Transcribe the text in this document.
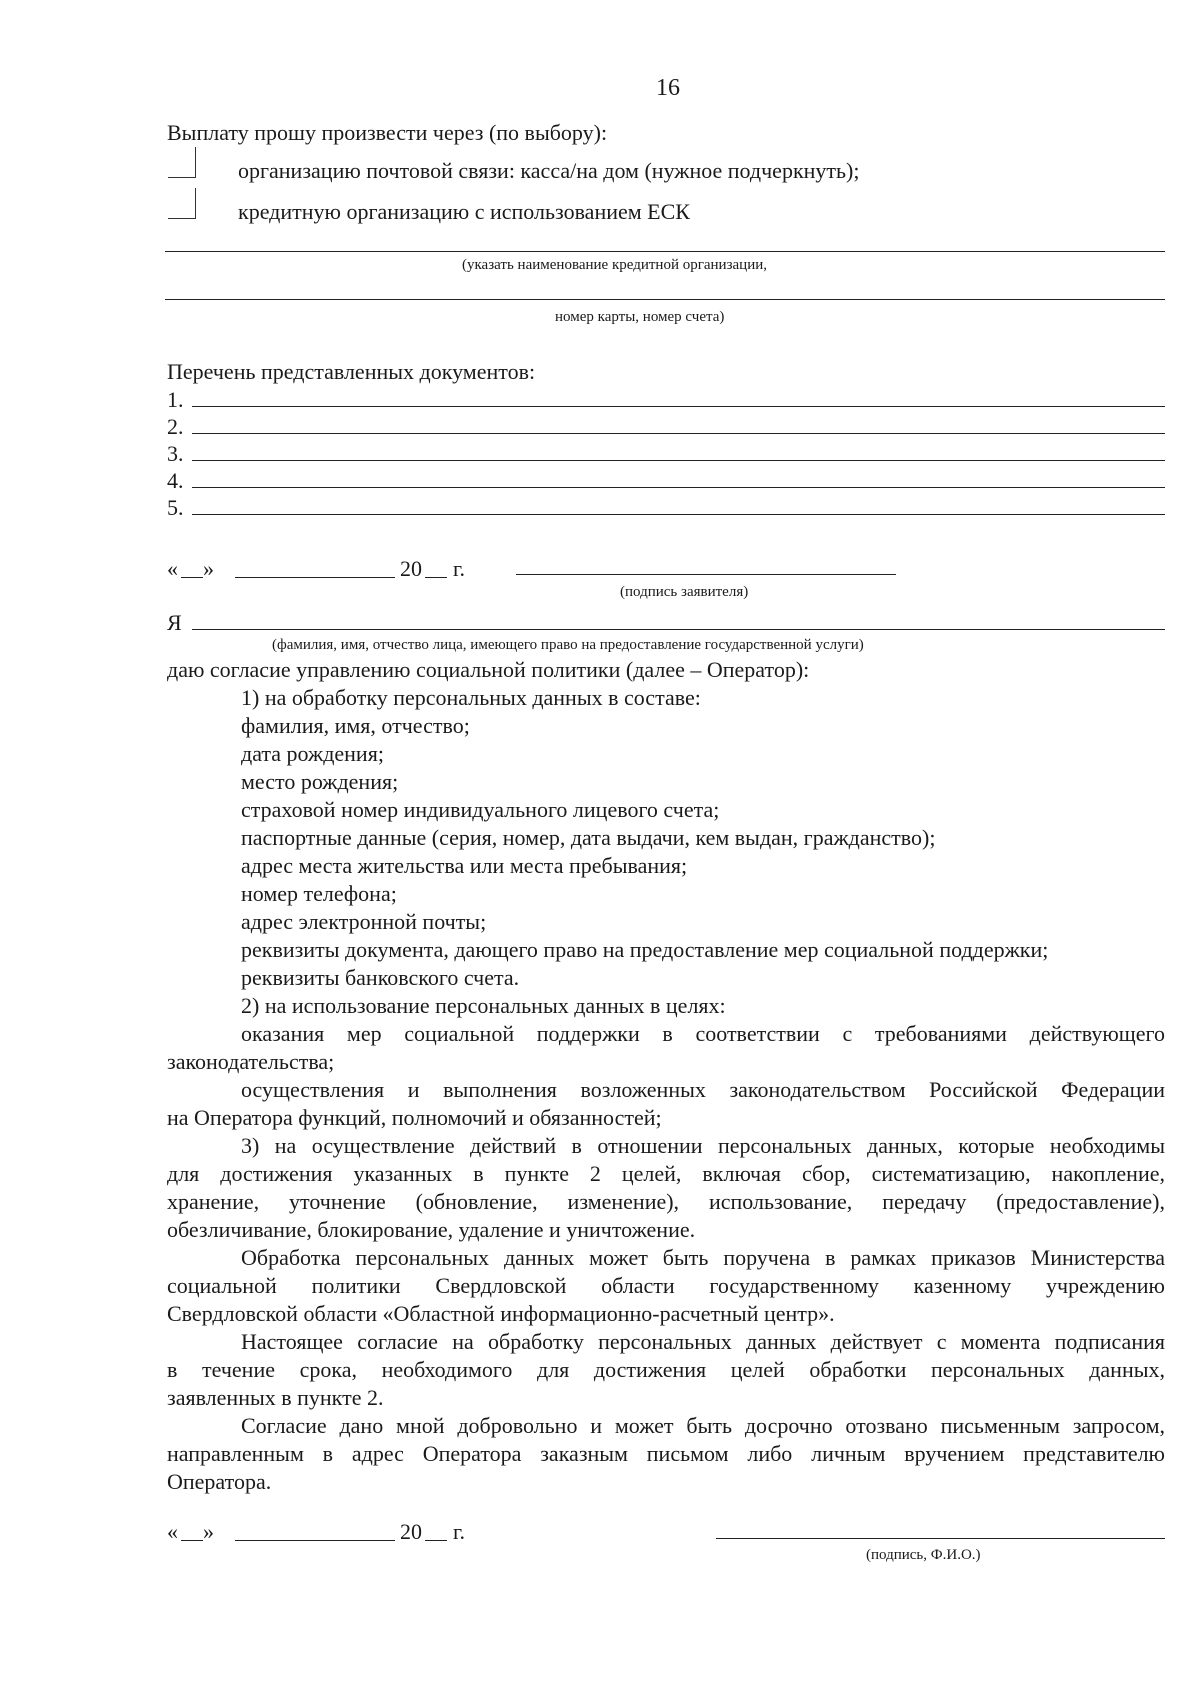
16
Выплату прошу произвести через (по выбору):
организацию почтовой связи: касса/на дом (нужное подчеркнуть);
кредитную организацию с использованием ЕСК
(указать наименование кредитной организации,
номер карты, номер счета)
Перечень представленных документов:
1.
2.
3.
4.
5.
« »	20 г.
(подпись заявителя)
Я
(фамилия, имя, отчество лица, имеющего право на предоставление государственной услуги)
даю согласие управлению социальной политики (далее – Оператор):
1) на обработку персональных данных в составе:
фамилия, имя, отчество;
дата рождения;
место рождения;
страховой номер индивидуального лицевого счета;
паспортные данные (серия, номер, дата выдачи, кем выдан, гражданство);
адрес места жительства или места пребывания;
номер телефона;
адрес электронной почты;
реквизиты документа, дающего право на предоставление мер социальной поддержки;
реквизиты банковского счета.
2) на использование персональных данных в целях:
оказания мер социальной поддержки в соответствии с требованиями действующего
законодательства;
осуществления и выполнения возложенных законодательством Российской Федерации
на Оператора функций, полномочий и обязанностей;
3) на осуществление действий в отношении персональных данных, которые необходимы
для достижения указанных в пункте 2 целей, включая сбор, систематизацию, накопление,
хранение, уточнение (обновление, изменение), использование, передачу (предоставление),
обезличивание, блокирование, удаление и уничтожение.
Обработка персональных данных может быть поручена в рамках приказов Министерства
социальной политики Свердловской области государственному казенному учреждению
Свердловской области «Областной информационно-расчетный центр».
Настоящее согласие на обработку персональных данных действует с момента подписания
в течение срока, необходимого для достижения целей обработки персональных данных,
заявленных в пункте 2.
Согласие дано мной добровольно и может быть досрочно отозвано письменным запросом,
направленным в адрес Оператора заказным письмом либо личным вручением представителю
Оператора.
« »	20 г.
(подпись, Ф.И.О.)
